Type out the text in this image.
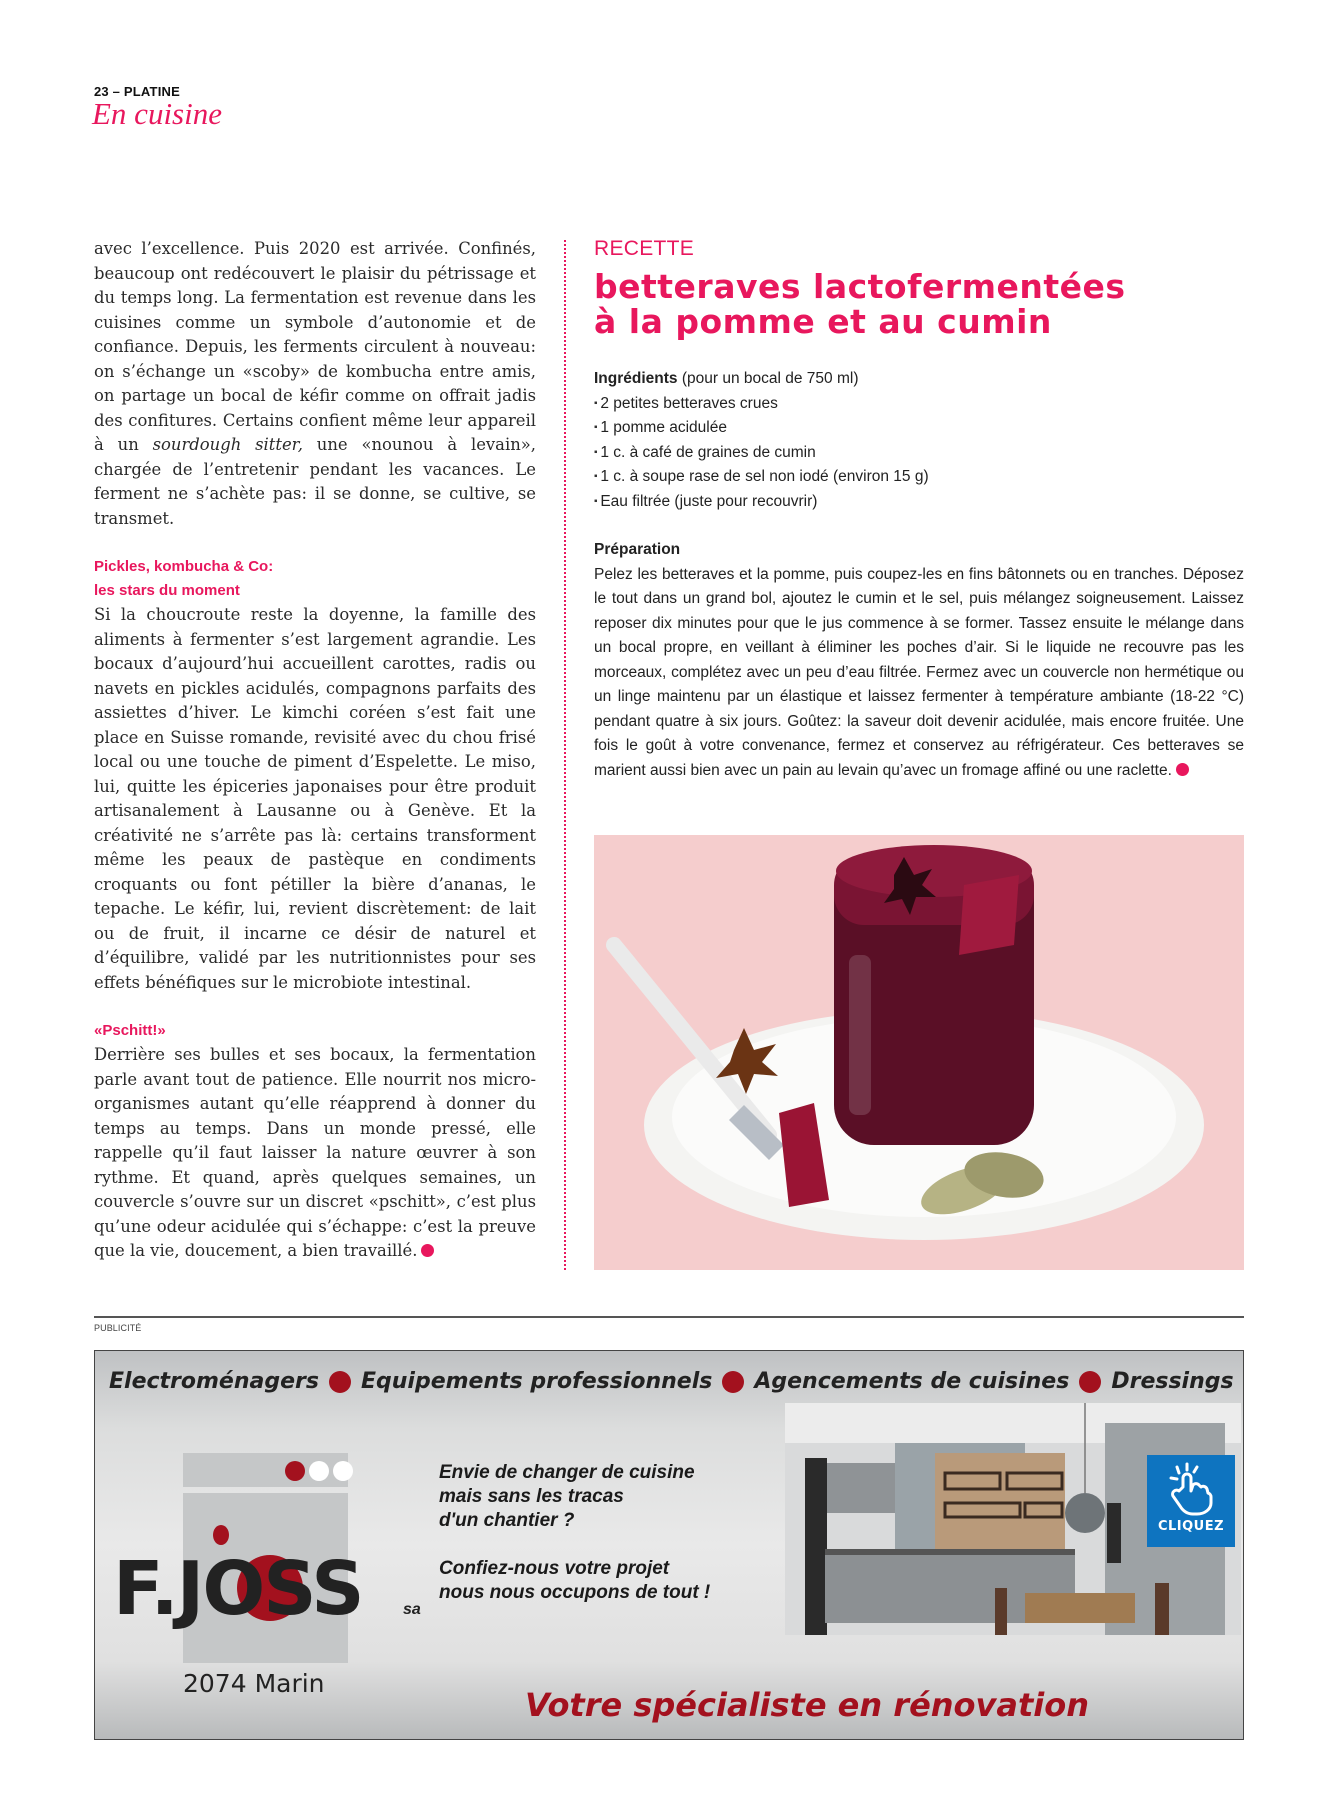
23 – PLATINE
En cuisine

avec l’excellence. Puis 2020 est arrivée. Confinés, beaucoup ont redécouvert le plaisir du pétrissage et du temps long. La fermentation est revenue dans les cuisines comme un symbole d’autonomie et de confiance. Depuis, les ferments circulent à nouveau: on s’échange un «scoby» de kombucha entre amis, on partage un bocal de kéfir comme on offrait jadis des confitures. Certains confient même leur appareil à un sourdough sitter, une «nounou à levain», chargée de l’entretenir pendant les vacances. Le ferment ne s’achète pas: il se donne, se cultive, se transmet.

Pickles, kombucha & Co:
les stars du moment

Si la choucroute reste la doyenne, la famille des aliments à fermenter s’est largement agrandie. Les bocaux d’aujourd’hui accueillent carottes, radis ou navets en pickles acidulés, compagnons parfaits des assiettes d’hiver. Le kimchi coréen s’est fait une place en Suisse romande, revisité avec du chou frisé local ou une touche de piment d’Espelette. Le miso, lui, quitte les épiceries japonaises pour être produit artisanalement à Lausanne ou à Genève. Et la créativité ne s’arrête pas là: certains transforment même les peaux de pastèque en condiments croquants ou font pétiller la bière d’ananas, le tepache. Le kéfir, lui, revient discrètement: de lait ou de fruit, il incarne ce désir de naturel et d’équilibre, validé par les nutritionnistes pour ses effets bénéfiques sur le microbiote intestinal.

«Pschitt!»

Derrière ses bulles et ses bocaux, la fermentation parle avant tout de patience. Elle nourrit nos micro-organismes autant qu’elle réapprend à donner du temps au temps. Dans un monde pressé, elle rappelle qu’il faut laisser la nature œuvrer à son rythme. Et quand, après quelques semaines, un couvercle s’ouvre sur un discret «pschitt», c’est plus qu’une odeur acidulée qui s’échappe: c’est la preuve que la vie, doucement, a bien travaillé.

RECETTE
betteraves lactofermentées
à la pomme et au cumin
Ingrédients (pour un bocal de 750 ml)
▪ 2 petites betteraves crues
▪ 1 pomme acidulée
▪ 1 c. à café de graines de cumin
▪ 1 c. à soupe rase de sel non iodé (environ 15 g)
▪ Eau filtrée (juste pour recouvrir)
Préparation

Pelez les betteraves et la pomme, puis coupez-les en fins bâtonnets ou en tranches. Déposez le tout dans un grand bol, ajoutez le cumin et le sel, puis mélangez soigneusement. Laissez reposer dix minutes pour que le jus commence à se former. Tassez ensuite le mélange dans un bocal propre, en veillant à éliminer les poches d’air. Si le liquide ne recouvre pas les morceaux, complétez avec un peu d’eau filtrée. Fermez avec un couvercle non hermétique ou un linge maintenu par un élastique et laissez fermenter à température ambiante (18-22 °C) pendant quatre à six jours. Goûtez: la saveur doit devenir acidulée, mais encore fruitée. Une fois le goût à votre convenance, fermez et conservez au réfrigérateur. Ces betteraves se marient aussi bien avec un pain au levain qu’avec un fromage affiné ou une raclette.

PUBLICITÉ
Electroménagers Equipements professionnels Agencements de cuisines Dressings
F.JOSS	sa
2074 Marin

Envie de changer de cuisine

mais sans les tracas

d'un chantier ?

Confiez-nous votre projet

nous nous occupons de tout !

CLIQUEZ
Votre spécialiste en rénovation
